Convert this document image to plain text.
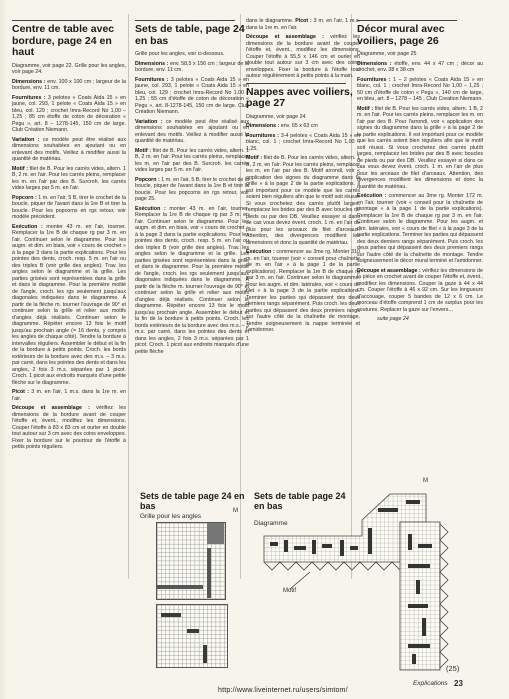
Centre de table avec bordure, page 24 en haut

Diagramme, voir page 22. Grille pour les angles, voir page 24.

Dimensions : env. 100 x 100 cm ; largeur de la bordure, env. 11 cm.

Fournitures : 3 pelotes « Coats Aida 15 » en jaune, col. 293, 1 pelote « Coats Aida 15 » en bleu, col. 129 ; crochet Imra-Record No 1,00 – 1,25 ; 85 cm étoffe de coton de décoration « Pegu », art. 8 – 1278-145, 150 cm de large. Club Création Niemann.

Variation : ce modèle peut être réalisé aux dimensions souhaitées en ajoutant ou en enlevant des motifs. Veillez à modifier aussi la quantité de matériau.

Motif : filet de B. Pour les carrés vides, altern. 1 B, 2 m. en l'air. Pour les carrés pleins, remplacer les m. en l'air par des B. Surcroh. les carrés vides larges par 5 m. en l'air.

Popcorn : 1 m. en l'air, 5 B, tirer le crochet de la boucle, piquer de l'avant dans la 1re B et tirer la boucle. Pour les popcorns en rgs retour, voir modèle précédent.

Exécution : monter 43 m. en l'air, tourner. Remplacer la 1re B de chaque rg par 3 m. en l'air. Continuer selon le diagramme. Pour les augm. et dim. en biais, voir « cours de crochet » à la page 3 dans la partie explications. Pour les pointes des dents, croch. resp. 5 m. en l'air ou des triples B (voir grille des angles). Trav. les angles selon le diagramme et la grille. Les parties grisées sont représentées dans la grille et dans le diagramme. Pour la première moitié de l'angle, croch. les rgs seulement jusqu'aux diagonales indiquées dans le diagramme. À partir de la flèche m. tourner l'ouvrage de 90° et continuer selon la grille et relier aux motifs d'angles déjà réalisés. Continuer selon le diagramme. Répéter encore 13 fois le motif jusqu'au prochain angle (= 16 dents, y compris les angles de chaque côté). Tendre la bordure à intervalles réguliers. Assembler le début et la fin de la bordure à petits points. Croch. les bords extérieurs de la bordure avec des m.s. – 3 m.s. par carré, dans les pointes des dents et dans les angles, 2 fois 3 m.s. séparées par 1 picot. Croch. 1 picot aux endroits marqués d'une petite flèche sur le diagramme.

Picot : 3 m. en l'air, 1 m.s. dans la 1re m. en l'air.

Découpe et assemblage : vérifiez les dimensions de la bordure avant de couper l'étoffe et, évent., modifiez les dimensions. Couper l'étoffe à 83 x 83 cm et ourler en double tout autour sur 3 cm avec des coins enveloppes. Fixer la bordure sur le pourtour de l'étoffe à petits points réguliers.

Sets de table, page 24 en bas

Grille pour les angles, voir ci-dessous.

Dimensions : env. 58,5 x 156 cm ; largeur de la bordure, env. 11 cm.

Fournitures : 3 pelotes « Coats Aida 15 » en jaune, col. 293, 1 pelote « Coats Aida 15 » en bleu, col. 129 ; crochet Imra-Record No 1,00 – 1,25 ; 55 cm d'étoffe de coton de décoration « Pegu », art. 8-1278-145, 150 cm de large. Club Création Niemann.

Variation : ce modèle peut être réalisé aux dimensions souhaitées en ajoutant ou en enlevant des motifs. Veillez à modifier aussi la quantité de matériau.

Motif : filet de B. Pour les carrés vides, altern. 1 B, 2 m. en l'air. Pour les carrés pleins, remplacer les m. en l'air par des B. Surcroh. les carrés vides larges par 5 m. en l'air.

Popcorn : 1 m. en l'air, 5 B, tirer le crochet de la boucle, piquer de l'avant dans la 1re B et tirer la boucle. Pour les popcorns en rgs retour, voir page 25.

Exécution : monter 43 m. en l'air, tourner. Remplacer la 1re B de chaque rg par 3 m. en l'air. Continuer selon le diagramme. Pour les augm. et dim. en biais, voir « cours de crochet » à la page 3 dans la partie explications. Pour les pointes des dents, croch. resp. 5 m. en l'air ou des triples B (voir grille des angles). Trav. les angles selon le diagramme et la grille. Les parties grisées sont représentées dans la grille et dans le diagramme. Pour la première moitié de l'angle, croch. les rgs seulement jusqu'aux diagonales indiquées dans le diagramme. À partir de la flèche m. tourner l'ouvrage de 90° et continuer selon la grille et relier aux motifs d'angles déjà réalisés. Continuer selon le diagramme. Répéter encore 13 fois le motif jusqu'au prochain angle. Assembler le début et la fin de la bordure à petits points. Croch. les bords extérieurs de la bordure avec des m.s. – 3 m.s. par carré, dans les pointes des dents et dans les angles, 2 fois 3 m.s. séparées par 1 picot. Croch. 1 picot aux endroits marqués d'une petite flèche

dans le diagramme. Picot : 3 m. en l'air, 1 m.s. dans la 1re m. en l'air.

Découpe et assemblage : vérifiez les dimensions de la bordure avant de couper l'étoffe et, évent., modifiez les dimensions. Couper l'étoffe à 55,5 x 146 cm et ourler en double tout autour sur 3 cm avec des coins enveloppes. Fixer la bordure à l'étoffe tout autour régulièrement à petits points à la main.

Nappes avec voiliers, page 27

Diagramme, voir page 24

Dimensions : env. 65 x 63 cm

Fournitures : 3-4 pelotes « Coats Aida 15 » en blanc, col. 1 ; crochet Imra-Record No 1,00 – 1,25.

Motif : filet de B. Pour les carrés vides, altern. 1 B, 2 m. en l'air. Pour les carrés pleins, remplacer les m. en l'air par des B. Motif arrondi, voir « application des signes du diagramme dans la grille » à la page 2 de la partie explications. Il est important pour ce modèle que les carrés soient bien réguliers afin que le motif soit réussi. Si vous crochetez des carrés plutôt larges, remplacez les brides par des B avec boucles de pieds ou par des DB. Veuillez essayer si dans ce cas vous devez évent. croch. 1 m. en l'air de plus pour les arceaux de filet d'arceaux. Attention, des divergences modifient les dimensions et donc la quantité de matériau.

Exécution : commencer au 3me rg. Monter 310 m. en l'air, tourner (voir « conseil pour chaînette de m. en l'air » à la page 1 de la partie explications). Remplacer la 1re B de chaque rg par 3 m. en l'air. Continuer selon le diagramme. Pour les augm. et dim. latérales, voir « cours de filet » à la page 3 de la partie explications. Terminer les parties qui dépassent des deux derniers rangs séparément. Puis croch. les deux parties qui dépassent des deux premiers rangs sur l'autre côté de la chaînette de montage. Tendre soigneusement la nappe terminée et l'amidonner.

Décor mural avec voiliers, page 26

Diagramme, voir page 25

Dimensions : étoffe, env. 44 x 47 cm ; décor au crochet, env. 38 x 38 cm

Fournitures : 1 – 2 pelotes « Coats Aida 15 » en blanc, col. 1 ; crochet Imra-Record No 1,00 – 1,25 ; 50 cm d'étoffe de coton « Pegu », 140 cm de large, en bleu, art. 8 – 1278 – 145 ; Club Creation Niemann.

Motif : filet de B. Pour les carrés vides, altern. 1 B, 2 m. en l'air. Pour les carrés pleins, remplacer les m. en l'air par des B. Pour l'arrondi, voir « application des signes du diagramme dans la grille » à la page 2 de la partie explications. Il est important pour ce modèle que les carrés soient bien réguliers afin que le motif soit réussi. Si vous crochetez des carrés plutôt larges, remplacez les brides par des B avec boucles de pieds ou par des DB. Veuillez essayer si dans ce cas vous devez évent. croch. 1 m. en l'air de plus pour les arceaux de filet d'arceaux. Attention, des divergences modifient les dimensions et donc la quantité de matériau.

Exécution : commencer au 3me rg. Monter 172 m. en l'air, tourner (voir « conseil pour la chaînette de montage » à la page 1 de la partie explications). Remplacer la 1re B de chaque rg par 3 m. en l'air. Continuer selon le diagramme. Pour les augm. et dim. latérales, voir « cours de filet » à la page 3 de la partie explications. Terminer les parties qui dépassent des deux derniers rangs séparément. Puis croch. les deux parties qui dépassent des deux premiers rangs sur l'autre côté de la chaînette de montage. Tendre soigneusement le décor mural terminé et l'amidonner.

Découpe et assemblage : vérifiez les dimensions de la pièce en crochet avant de couper l'étoffe et, évent., modifiez les dimensions. Couper la gaze à 44 x 44 cm. Couper l'étoffe à 46 x 92 cm. Sur les longueurs d'accouage, couper 5 bandes de 12 x 6 cm. Le morceau d'étoffe comprend 1 cm de surplus pour les coutures. Replacer la gaze sur l'envers...

suite page 24

Sets de table page 24 en bas
Grille pour les angles
M
Sets de table page 24 en bas
Diagramme
M
Motif
(25)
Explications 23
http://www.liveinternet.ru/users/simtom/
